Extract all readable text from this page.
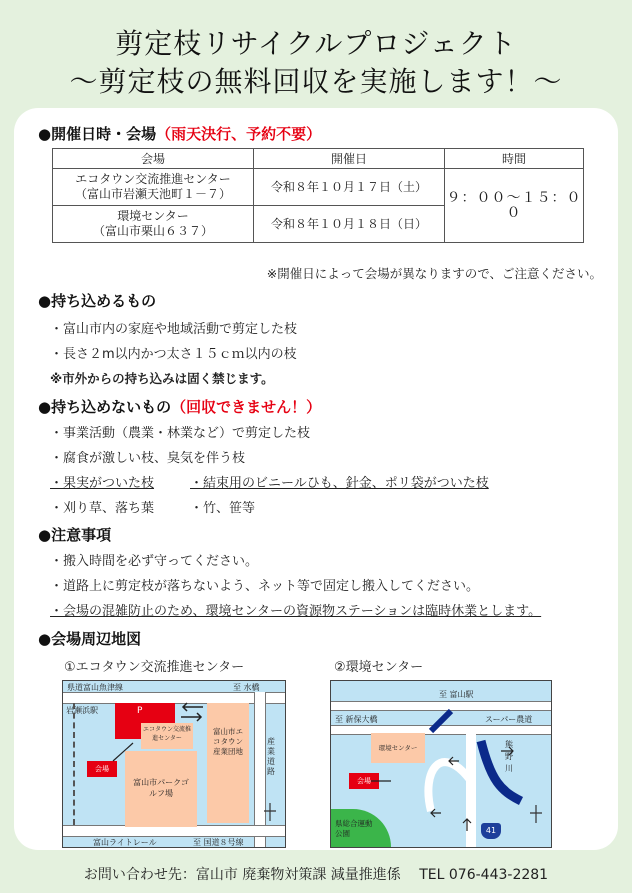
剪定枝リサイクルプロジェクト
～剪定枝の無料回収を実施します！～
●開催日時・会場（雨天決行、予約不要）
会場	開催日	時間

エコタウン交流推進センター
（富山市岩瀬天池町１－７）	令和８年１０月１７日（土）	９：００～１５：００

環境センター
（富山市栗山６３７）	令和８年１０月１８日（日）	
※開催日によって会場が異なりますので、ご注意ください。
●持ち込めるもの
・富山市内の家庭や地域活動で剪定した枝
・長さ２m以内かつ太さ１５ｃｍ以内の枝
※市外からの持ち込みは固く禁じます。
●持ち込めないもの（回収できません！）
・事業活動（農業・林業など）で剪定した枝
・腐食が激しい枝、臭気を伴う枝
・果実がついた枝	・結束用のビニールひも、針金、ポリ袋がついた枝
・刈り草、落ち葉	・竹、笹等
●注意事項
・搬入時間を必ず守ってください。
・道路上に剪定枝が落ちないよう、ネット等で固定し搬入してください。
・会場の混雑防止のため、環境センターの資源物ステーションは臨時休業とします。
●会場周辺地図
①エコタウン交流推進センター	②環境センター
P
エコタウン交流推進センター
富山市パークゴルフ場
富山市エコタウン産業団地
会場
県道富山魚津線	至 水橋
岩瀬浜駅
産業道路
富山ライトレール	至 国道８号線
環境センター
会場
県総合運動公園	41
至 富山駅
至 新保大橋	スーパー農道
熊野川
お問い合わせ先：富山市 廃棄物対策課 減量推進係　 TEL 076-443-2281
